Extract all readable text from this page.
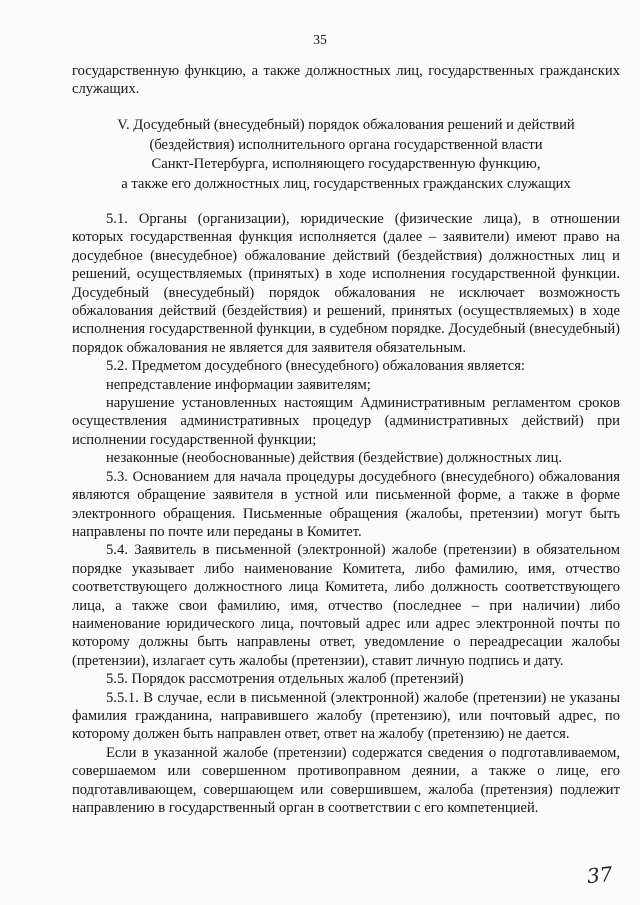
35

государственную функцию, а также должностных лиц, государственных гражданских служащих.

V. Досудебный (внесудебный) порядок обжалования решений и действий
(бездействия) исполнительного органа государственной власти
Санкт-Петербурга, исполняющего государственную функцию,
а также его должностных лиц, государственных гражданских служащих

5.1. Органы (организации), юридические (физические лица), в отношении которых государственная функция исполняется (далее – заявители) имеют право на досудебное (внесудебное) обжалование действий (бездействия) должностных лиц и решений, осуществляемых (принятых) в ходе исполнения государственной функции. Досудебный (внесудебный) порядок обжалования не исключает возможность обжалования действий (бездействия) и решений, принятых (осуществляемых) в ходе исполнения государственной функции, в судебном порядке. Досудебный (внесудебный) порядок обжалования не является для заявителя обязательным.

5.2. Предметом досудебного (внесудебного) обжалования является:

непредставление информации заявителям;

нарушение установленных настоящим Административным регламентом сроков осуществления административных процедур (административных действий) при исполнении государственной функции;

незаконные (необоснованные) действия (бездействие) должностных лиц.

5.3. Основанием для начала процедуры досудебного (внесудебного) обжалования являются обращение заявителя в устной или письменной форме, а также в форме электронного обращения. Письменные обращения (жалобы, претензии) могут быть направлены по почте или переданы в Комитет.

5.4. Заявитель в письменной (электронной) жалобе (претензии) в обязательном порядке указывает либо наименование Комитета, либо фамилию, имя, отчество соответствующего должностного лица Комитета, либо должность соответствующего лица, а также свои фамилию, имя, отчество (последнее – при наличии) либо наименование юридического лица, почтовый адрес или адрес электронной почты по которому должны быть направлены ответ, уведомление о переадресации жалобы (претензии), излагает суть жалобы (претензии), ставит личную подпись и дату.

5.5. Порядок рассмотрения отдельных жалоб (претензий)

5.5.1. В случае, если в письменной (электронной) жалобе (претензии) не указаны фамилия гражданина, направившего жалобу (претензию), или почтовый адрес, по которому должен быть направлен ответ, ответ на жалобу (претензию) не дается.

Если в указанной жалобе (претензии) содержатся сведения о подготавливаемом, совершаемом или совершенном противоправном деянии, а также о лице, его подготавливающем, совершающем или совершившем, жалоба (претензия) подлежит направлению в государственный орган в соответствии с его компетенцией.

37
